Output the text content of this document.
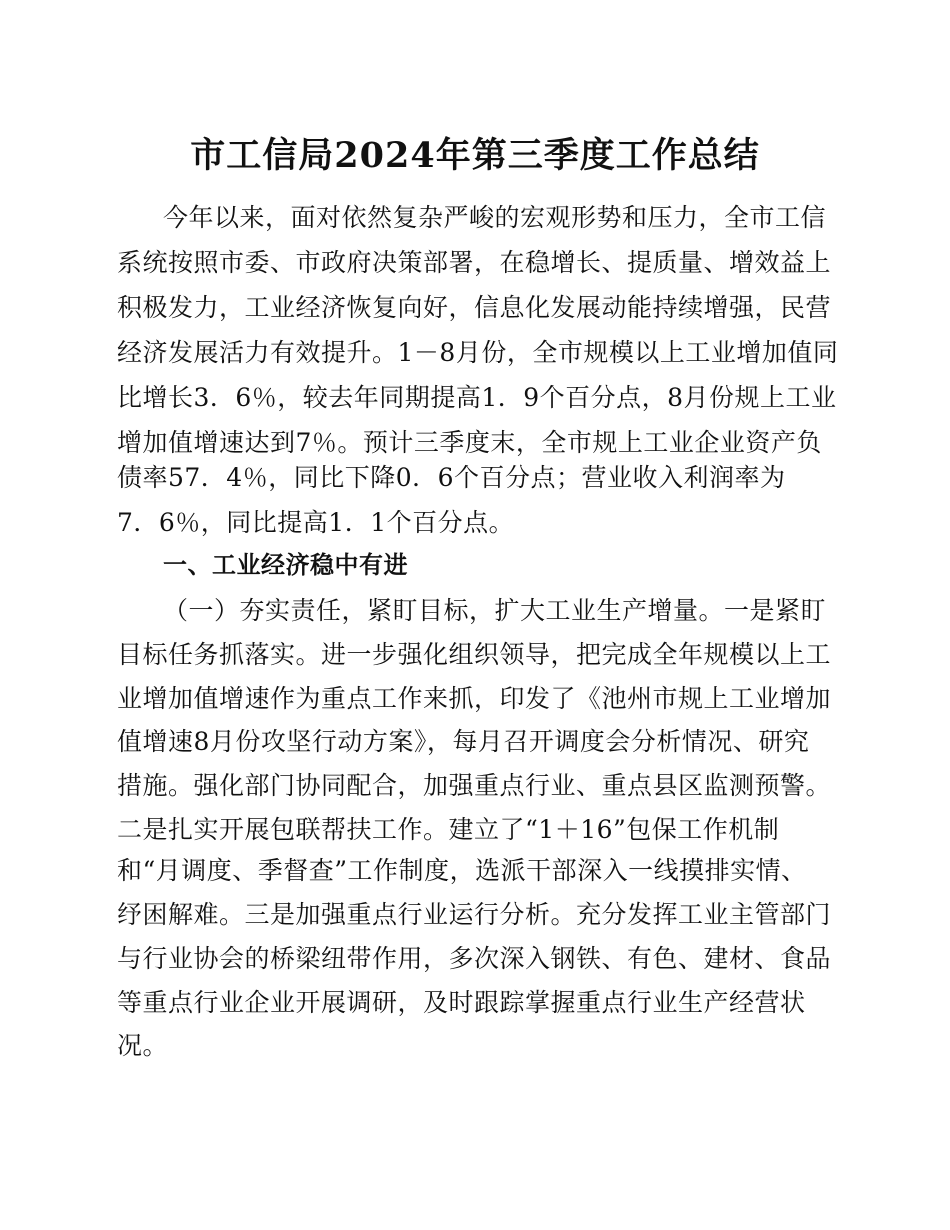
市工信局2024年第三季度工作总结
今年以来，面对依然复杂严峻的宏观形势和压力，全市工信
系统按照市委、市政府决策部署，在稳增长、提质量、增效益上
积极发力，工业经济恢复向好，信息化发展动能持续增强，民营
经济发展活力有效提升。1－8月份，全市规模以上工业增加值同
比增长3．6％，较去年同期提高1．9个百分点，8月份规上工业
增加值增速达到7％。预计三季度末，全市规上工业企业资产负
债率57．4％，同比下降0．6个百分点；营业收入利润率为
7．6％，同比提高1．1个百分点。
一、工业经济稳中有进
（一）夯实责任，紧盯目标，扩大工业生产增量。一是紧盯
目标任务抓落实。进一步强化组织领导，把完成全年规模以上工
业增加值增速作为重点工作来抓，印发了《池州市规上工业增加
值增速8月份攻坚行动方案》，每月召开调度会分析情况、研究
措施。强化部门协同配合，加强重点行业、重点县区监测预警。
二是扎实开展包联帮扶工作。建立了“1＋16”包保工作机制
和“月调度、季督查”工作制度，选派干部深入一线摸排实情、
纾困解难。三是加强重点行业运行分析。充分发挥工业主管部门
与行业协会的桥梁纽带作用，多次深入钢铁、有色、建材、食品
等重点行业企业开展调研，及时跟踪掌握重点行业生产经营状
况。
